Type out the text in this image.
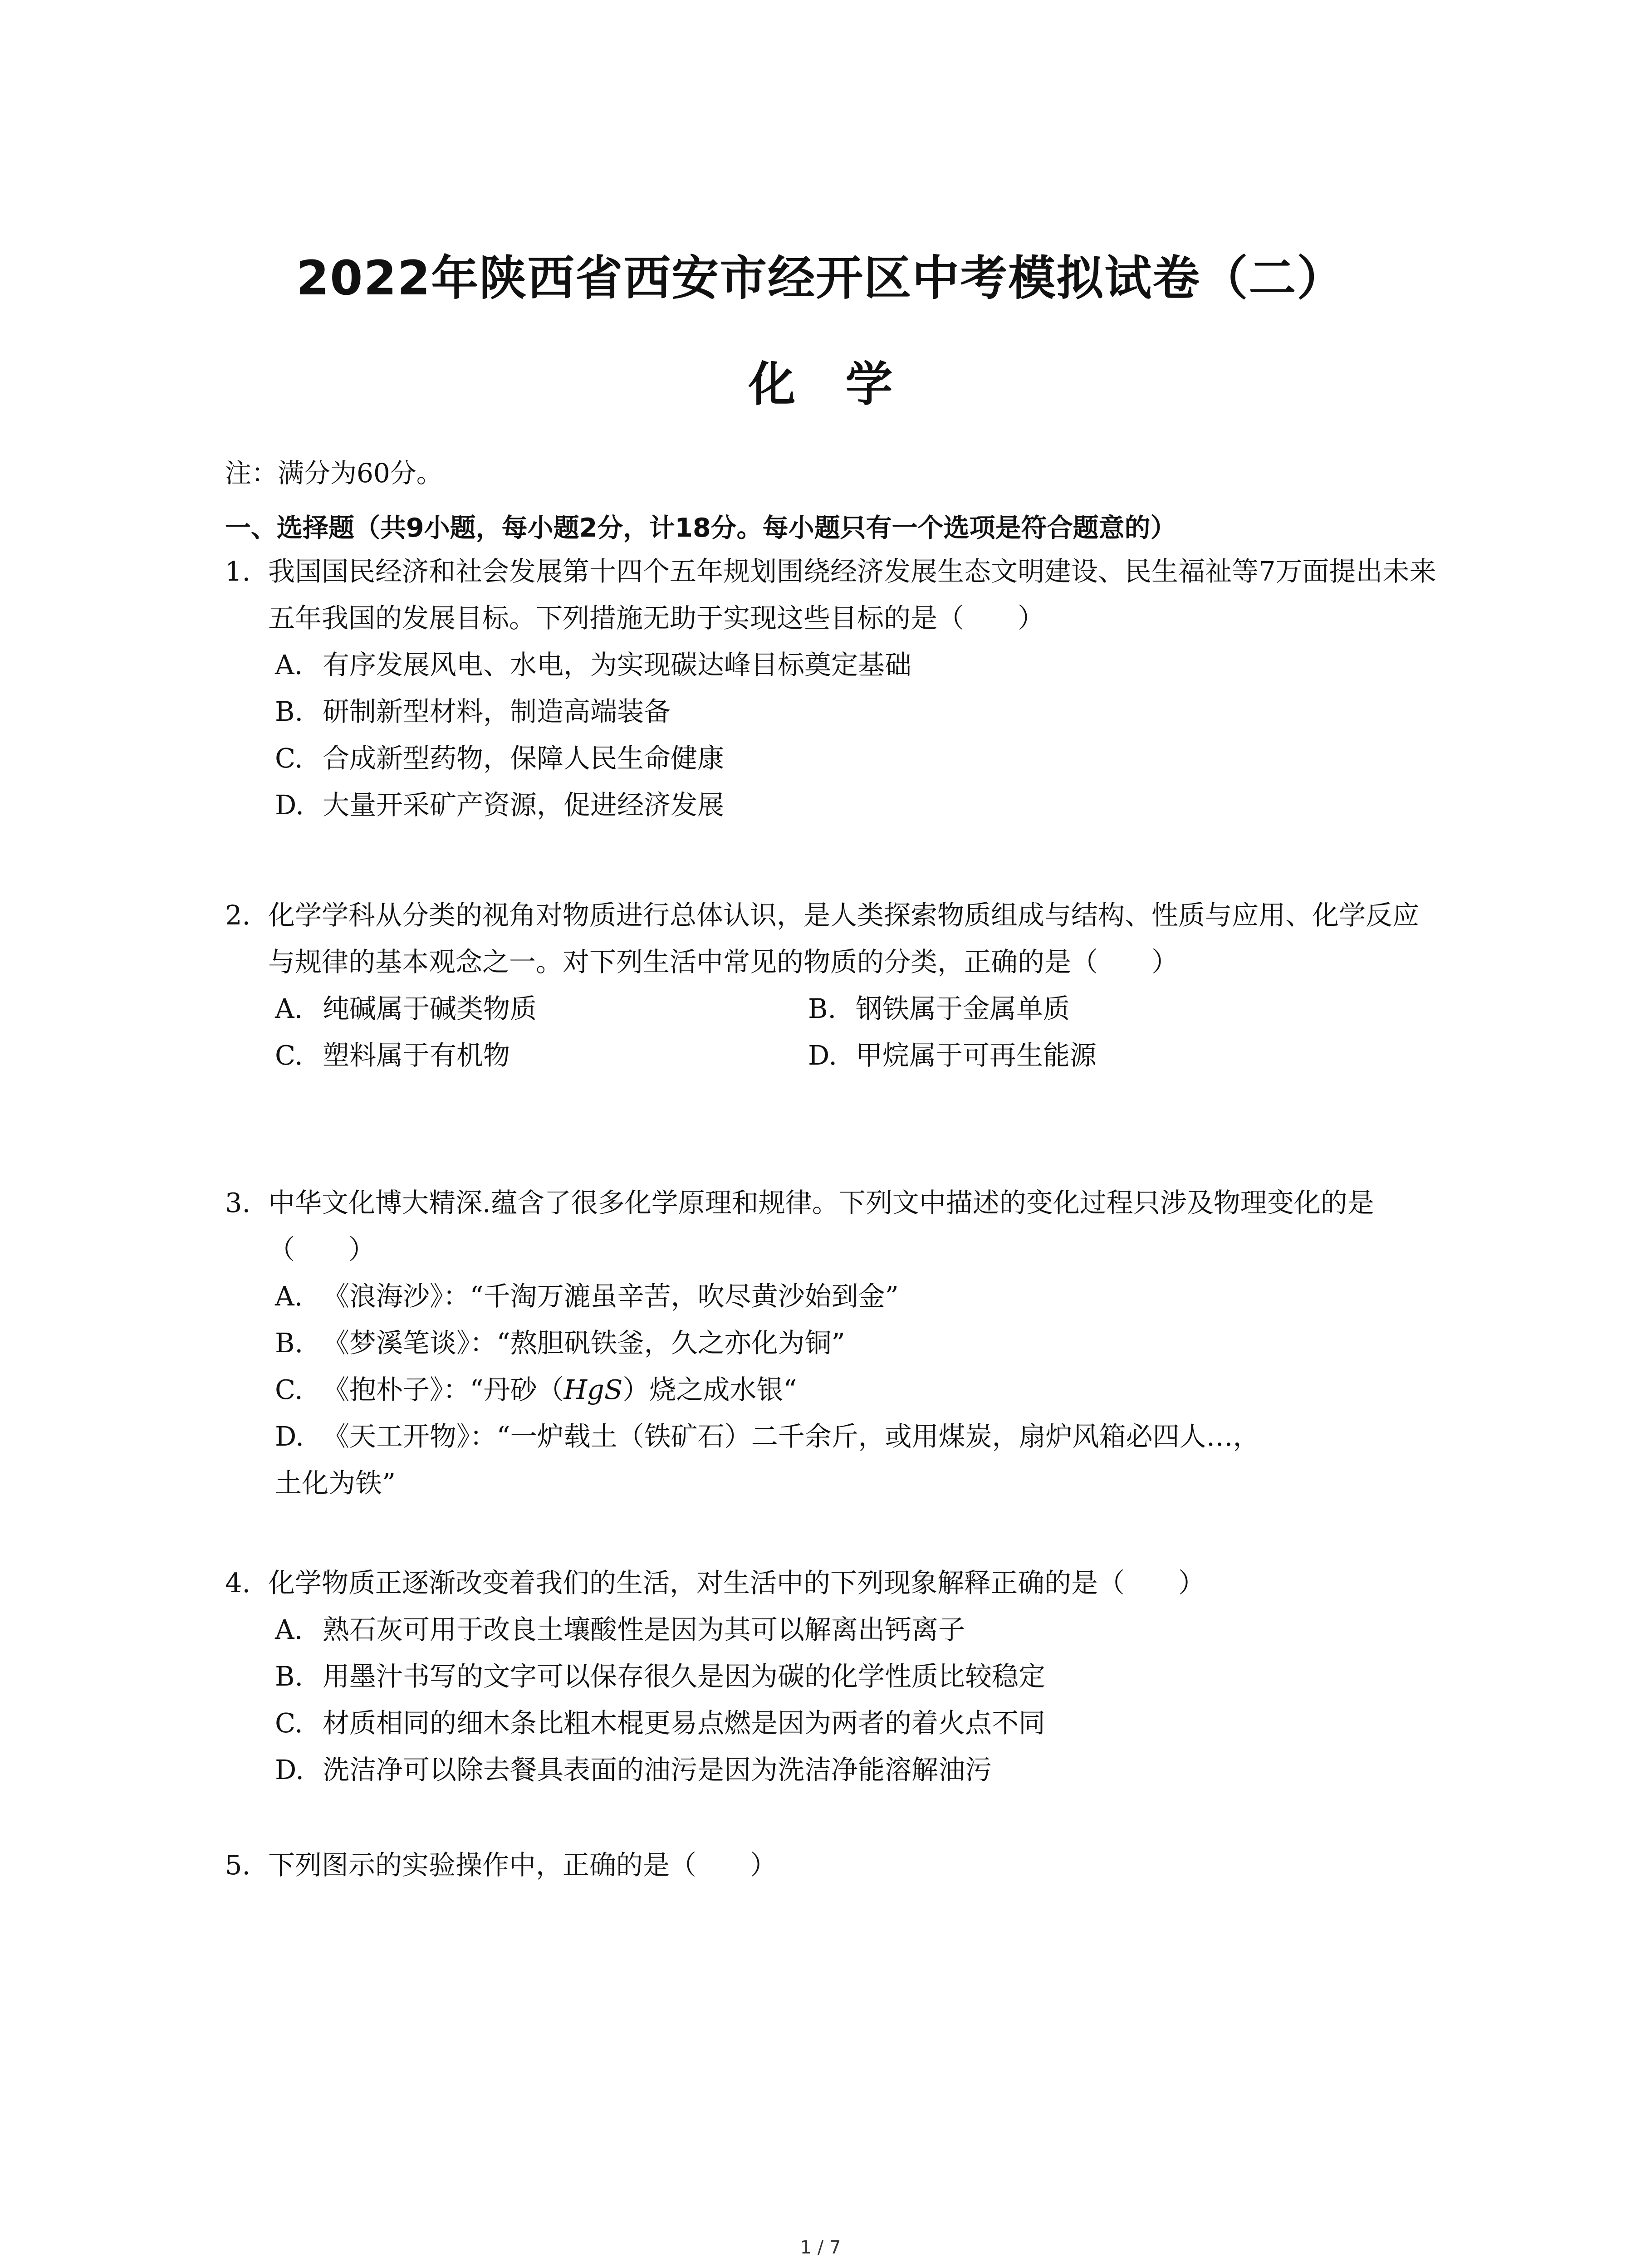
2022年陕西省西安市经开区中考模拟试卷（二）
化学

注：满分为60分。

一、选择题（共9小题，每小题2分，计18分。每小题只有一个选项是符合题意的）

1. 我国国民经济和社会发展第十四个五年规划围绕经济发展生态文明建设、民生福祉等7万面提出未来五年我国的发展目标。下列措施无助于实现这些目标的是（　　）

A. 有序发展风电、水电，为实现碳达峰目标奠定基础

B. 研制新型材料，制造高端装备

C. 合成新型药物，保障人民生命健康

D. 大量开采矿产资源，促进经济发展

2. 化学学科从分类的视角对物质进行总体认识，是人类探索物质组成与结构、性质与应用、化学反应与规律的基本观念之一。对下列生活中常见的物质的分类，正确的是（　　）

A. 纯碱属于碱类物质	B. 钢铁属于金属单质

C. 塑料属于有机物	D. 甲烷属于可再生能源

3. 中华文化博大精深.蕴含了很多化学原理和规律。下列文中描述的变化过程只涉及物理变化的是（　　）

A. 《浪海沙》：“千淘万漉虽辛苦，吹尽黄沙始到金”

B. 《梦溪笔谈》：“熬胆矾铁釜，久之亦化为铜”

C. 《抱朴子》：“丹砂（HgS）烧之成水银“

D. 《天工开物》：“一炉载土（铁矿石）二千余斤，或用煤炭，扇炉风箱必四人…，
土化为铁”

4. 化学物质正逐渐改变着我们的生活，对生活中的下列现象解释正确的是（　　）

A. 熟石灰可用于改良土壤酸性是因为其可以解离出钙离子

B. 用墨汁书写的文字可以保存很久是因为碳的化学性质比较稳定

C. 材质相同的细木条比粗木棍更易点燃是因为两者的着火点不同

D. 洗洁净可以除去餐具表面的油污是因为洗洁净能溶解油污

5. 下列图示的实验操作中，正确的是（　　）

1 / 7
